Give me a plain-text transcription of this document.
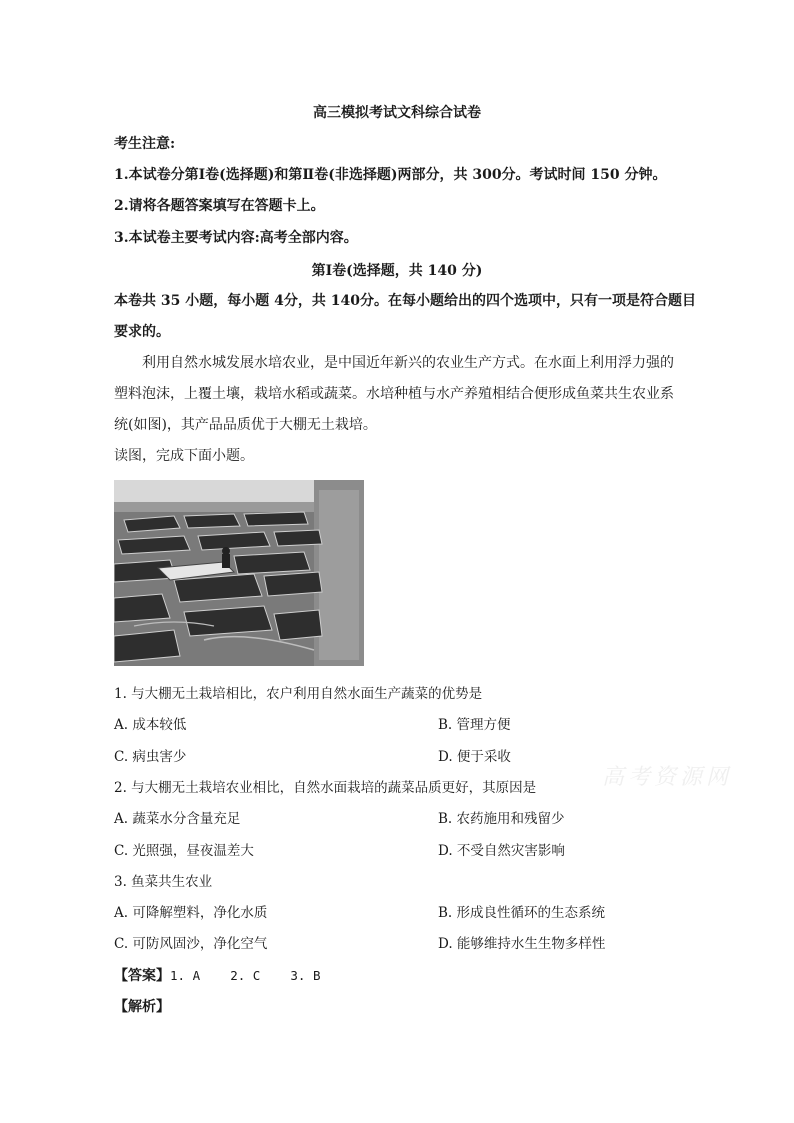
高三模拟考试文科综合试卷
考生注意:
1.本试卷分第Ⅰ卷(选择题)和第Ⅱ卷(非选择题)两部分，共 300分。考试时间 150 分钟。
2.请将各题答案填写在答题卡上。
3.本试卷主要考试内容:高考全部内容。
第Ⅰ卷(选择题，共 140 分)
本卷共 35 小题，每小题 4分，共 140分。在每小题给出的四个选项中，只有一项是符合题目
要求的。
利用自然水城发展水培农业，是中国近年新兴的农业生产方式。在水面上利用浮力强的
塑料泡沫，上覆土壤，栽培水稻或蔬菜。水培种植与水产养殖相结合便形成鱼菜共生农业系
统(如图)，其产品品质优于大棚无土栽培。
读图，完成下面小题。
1. 与大棚无土栽培相比，农户利用自然水面生产蔬菜的优势是
A. 成本较低	B. 管理方便
C. 病虫害少	D. 便于采收
2. 与大棚无土栽培农业相比，自然水面栽培的蔬菜品质更好，其原因是
A. 蔬菜水分含量充足	B. 农药施用和残留少
C. 光照强，昼夜温差大	D. 不受自然灾害影响
3. 鱼菜共生农业
A. 可降解塑料，净化水质	B. 形成良性循环的生态系统
C. 可防风固沙，净化空气	D. 能够维持水生生物多样性
【答案】1. A    2. C    3. B
【解析】
高考资源网
